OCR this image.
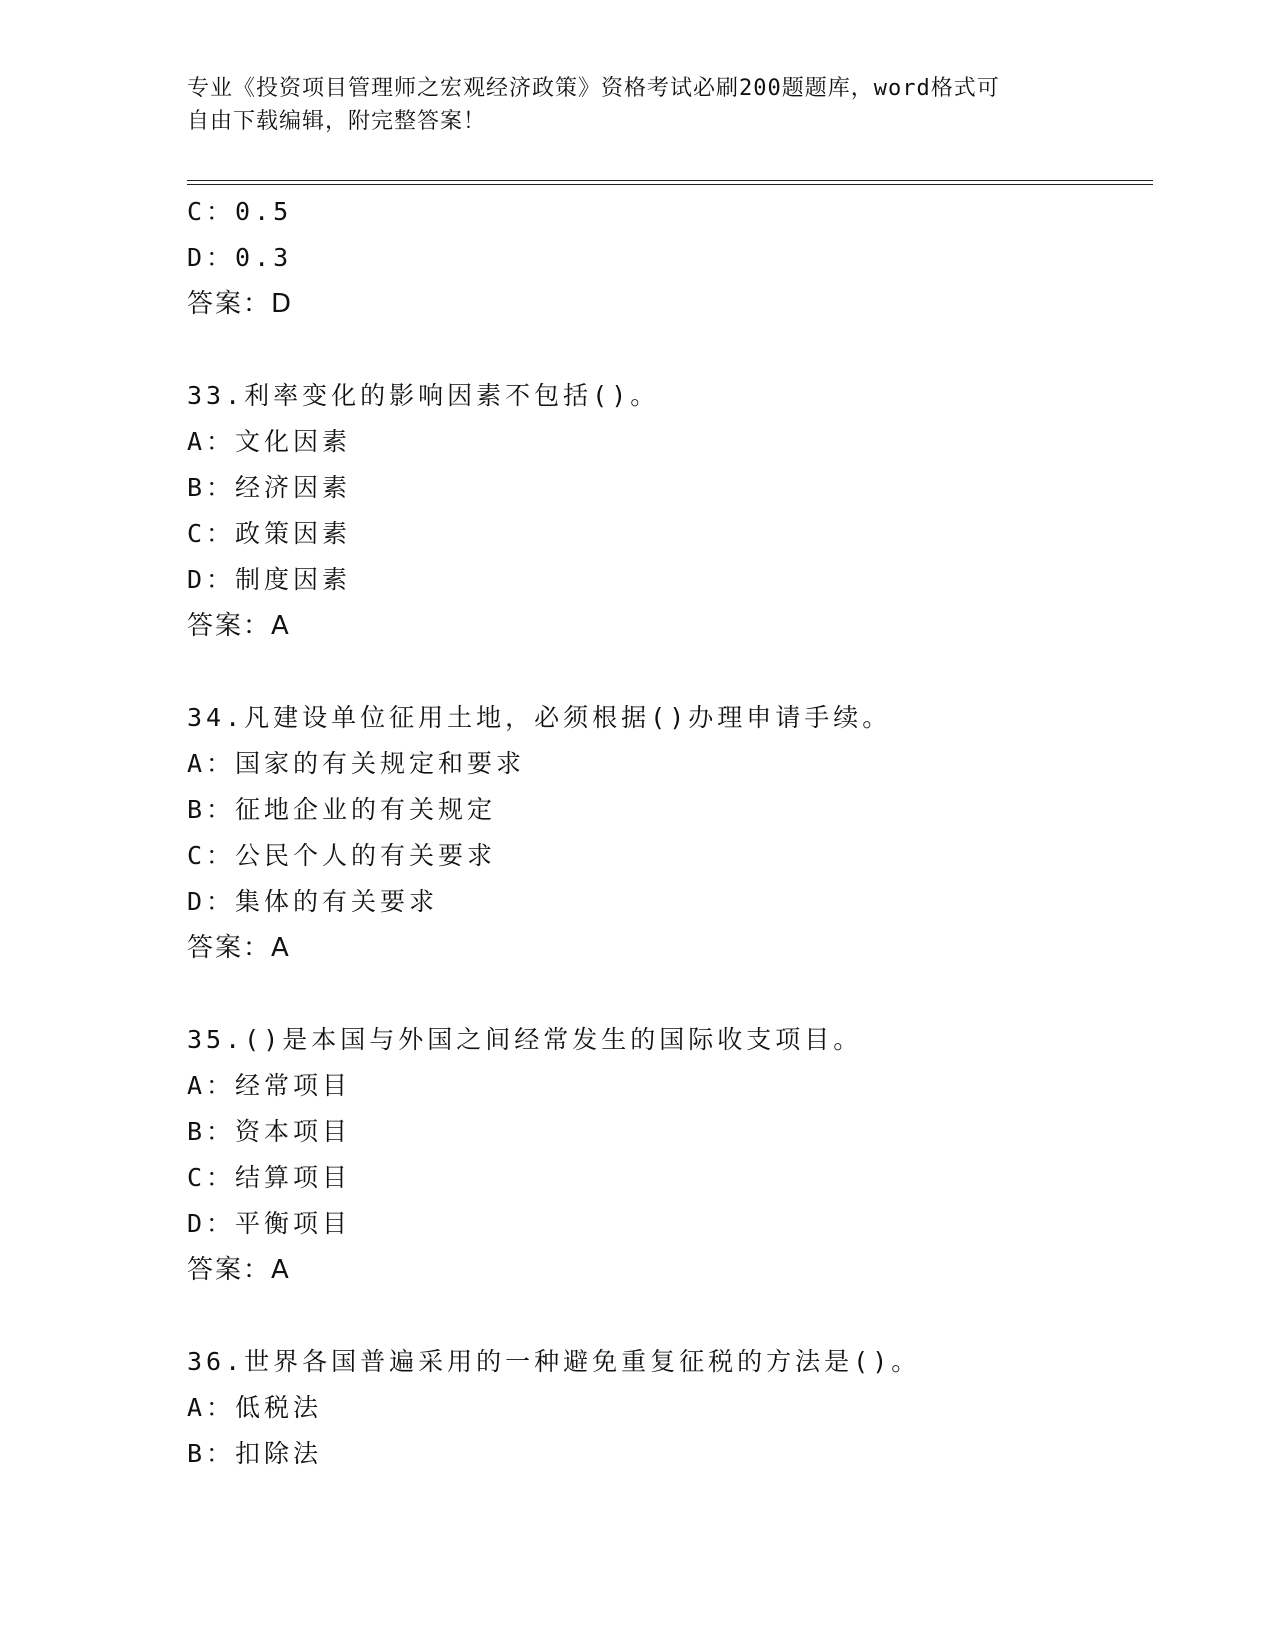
专业《投资项目管理师之宏观经济政策》资格考试必刷200题题库，word格式可
自由下载编辑，附完整答案！
C：0.5
D：0.3
答案：D
33.利率变化的影响因素不包括()。
A：文化因素
B：经济因素
C：政策因素
D：制度因素
答案：A
34.凡建设单位征用土地，必须根据()办理申请手续。
A：国家的有关规定和要求
B：征地企业的有关规定
C：公民个人的有关要求
D：集体的有关要求
答案：A
35.()是本国与外国之间经常发生的国际收支项目。
A：经常项目
B：资本项目
C：结算项目
D：平衡项目
答案：A
36.世界各国普遍采用的一种避免重复征税的方法是()。
A：低税法
B：扣除法
